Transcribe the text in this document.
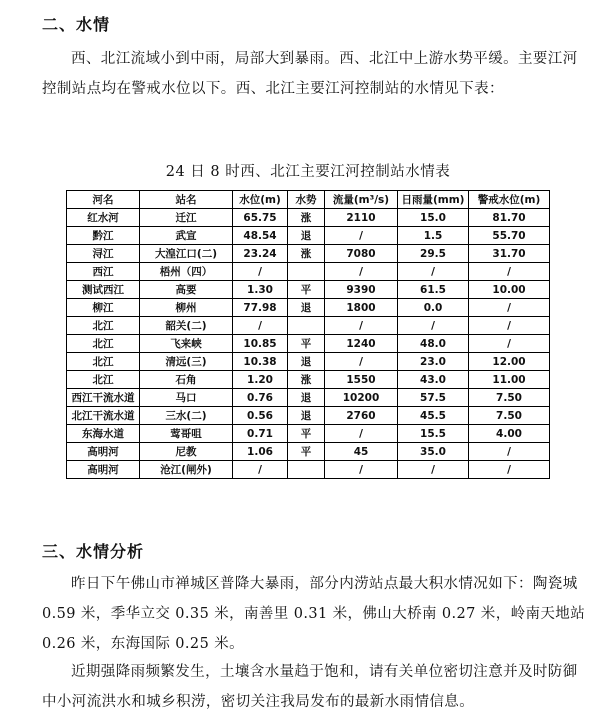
二、水情

西、北江流域小到中雨，局部大到暴雨。西、北江中上游水势平缓。主要江河控制站点均在警戒水位以下。西、北江主要江河控制站的水情见下表：

24 日 8 时西、北江主要江河控制站水情表
河名	站名	水位(m)	水势	流量(m³/s)	日雨量(mm)	警戒水位(m)
红水河	迁江	65.75	涨	2110	15.0	81.70
黔江	武宣	48.54	退	/	1.5	55.70
浔江	大湟江口(二)	23.24	涨	7080	29.5	31.70
西江	梧州（四）	/		/	/	/
测试西江	高要	1.30	平	9390	61.5	10.00
柳江	柳州	77.98	退	1800	0.0	/
北江	韶关(二)	/		/	/	/
北江	飞来峡	10.85	平	1240	48.0	/
北江	清远(三)	10.38	退	/	23.0	12.00
北江	石角	1.20	涨	1550	43.0	11.00
西江干流水道	马口	0.76	退	10200	57.5	7.50
北江干流水道	三水(二)	0.56	退	2760	45.5	7.50
东海水道	莺哥咀	0.71	平	/	15.5	4.00
高明河	尼教	1.06	平	45	35.0	/
高明河	沧江(闸外)	/		/	/	/
三、水情分析

昨日下午佛山市禅城区普降大暴雨，部分内涝站点最大积水情况如下：陶瓷城 0.59 米，季华立交 0.35 米，南善里 0.31 米，佛山大桥南 0.27 米，岭南天地站 0.26 米，东海国际 0.25 米。

近期强降雨频繁发生，土壤含水量趋于饱和，请有关单位密切注意并及时防御中小河流洪水和城乡积涝，密切关注我局发布的最新水雨情信息。
